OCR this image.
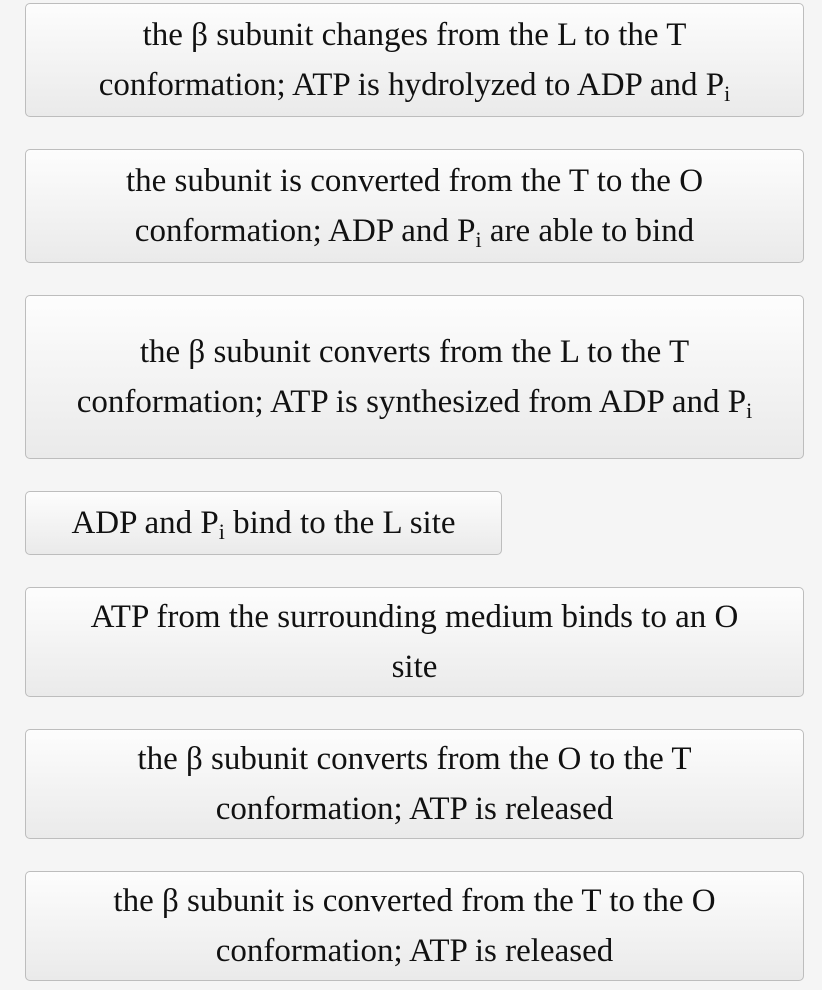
the β subunit changes from the L to the T conformation; ATP is hydrolyzed to ADP and $P_i$
the subunit is converted from the T to the O conformation; ADP and $P_i$ are able to bind
the β subunit converts from the L to the T conformation; ATP is synthesized from ADP and $P_i$
ADP and $P_i$ bind to the L site
ATP from the surrounding medium binds to an O site
the β subunit converts from the O to the T conformation; ATP is released
the β subunit is converted from the T to the O conformation; ATP is released
